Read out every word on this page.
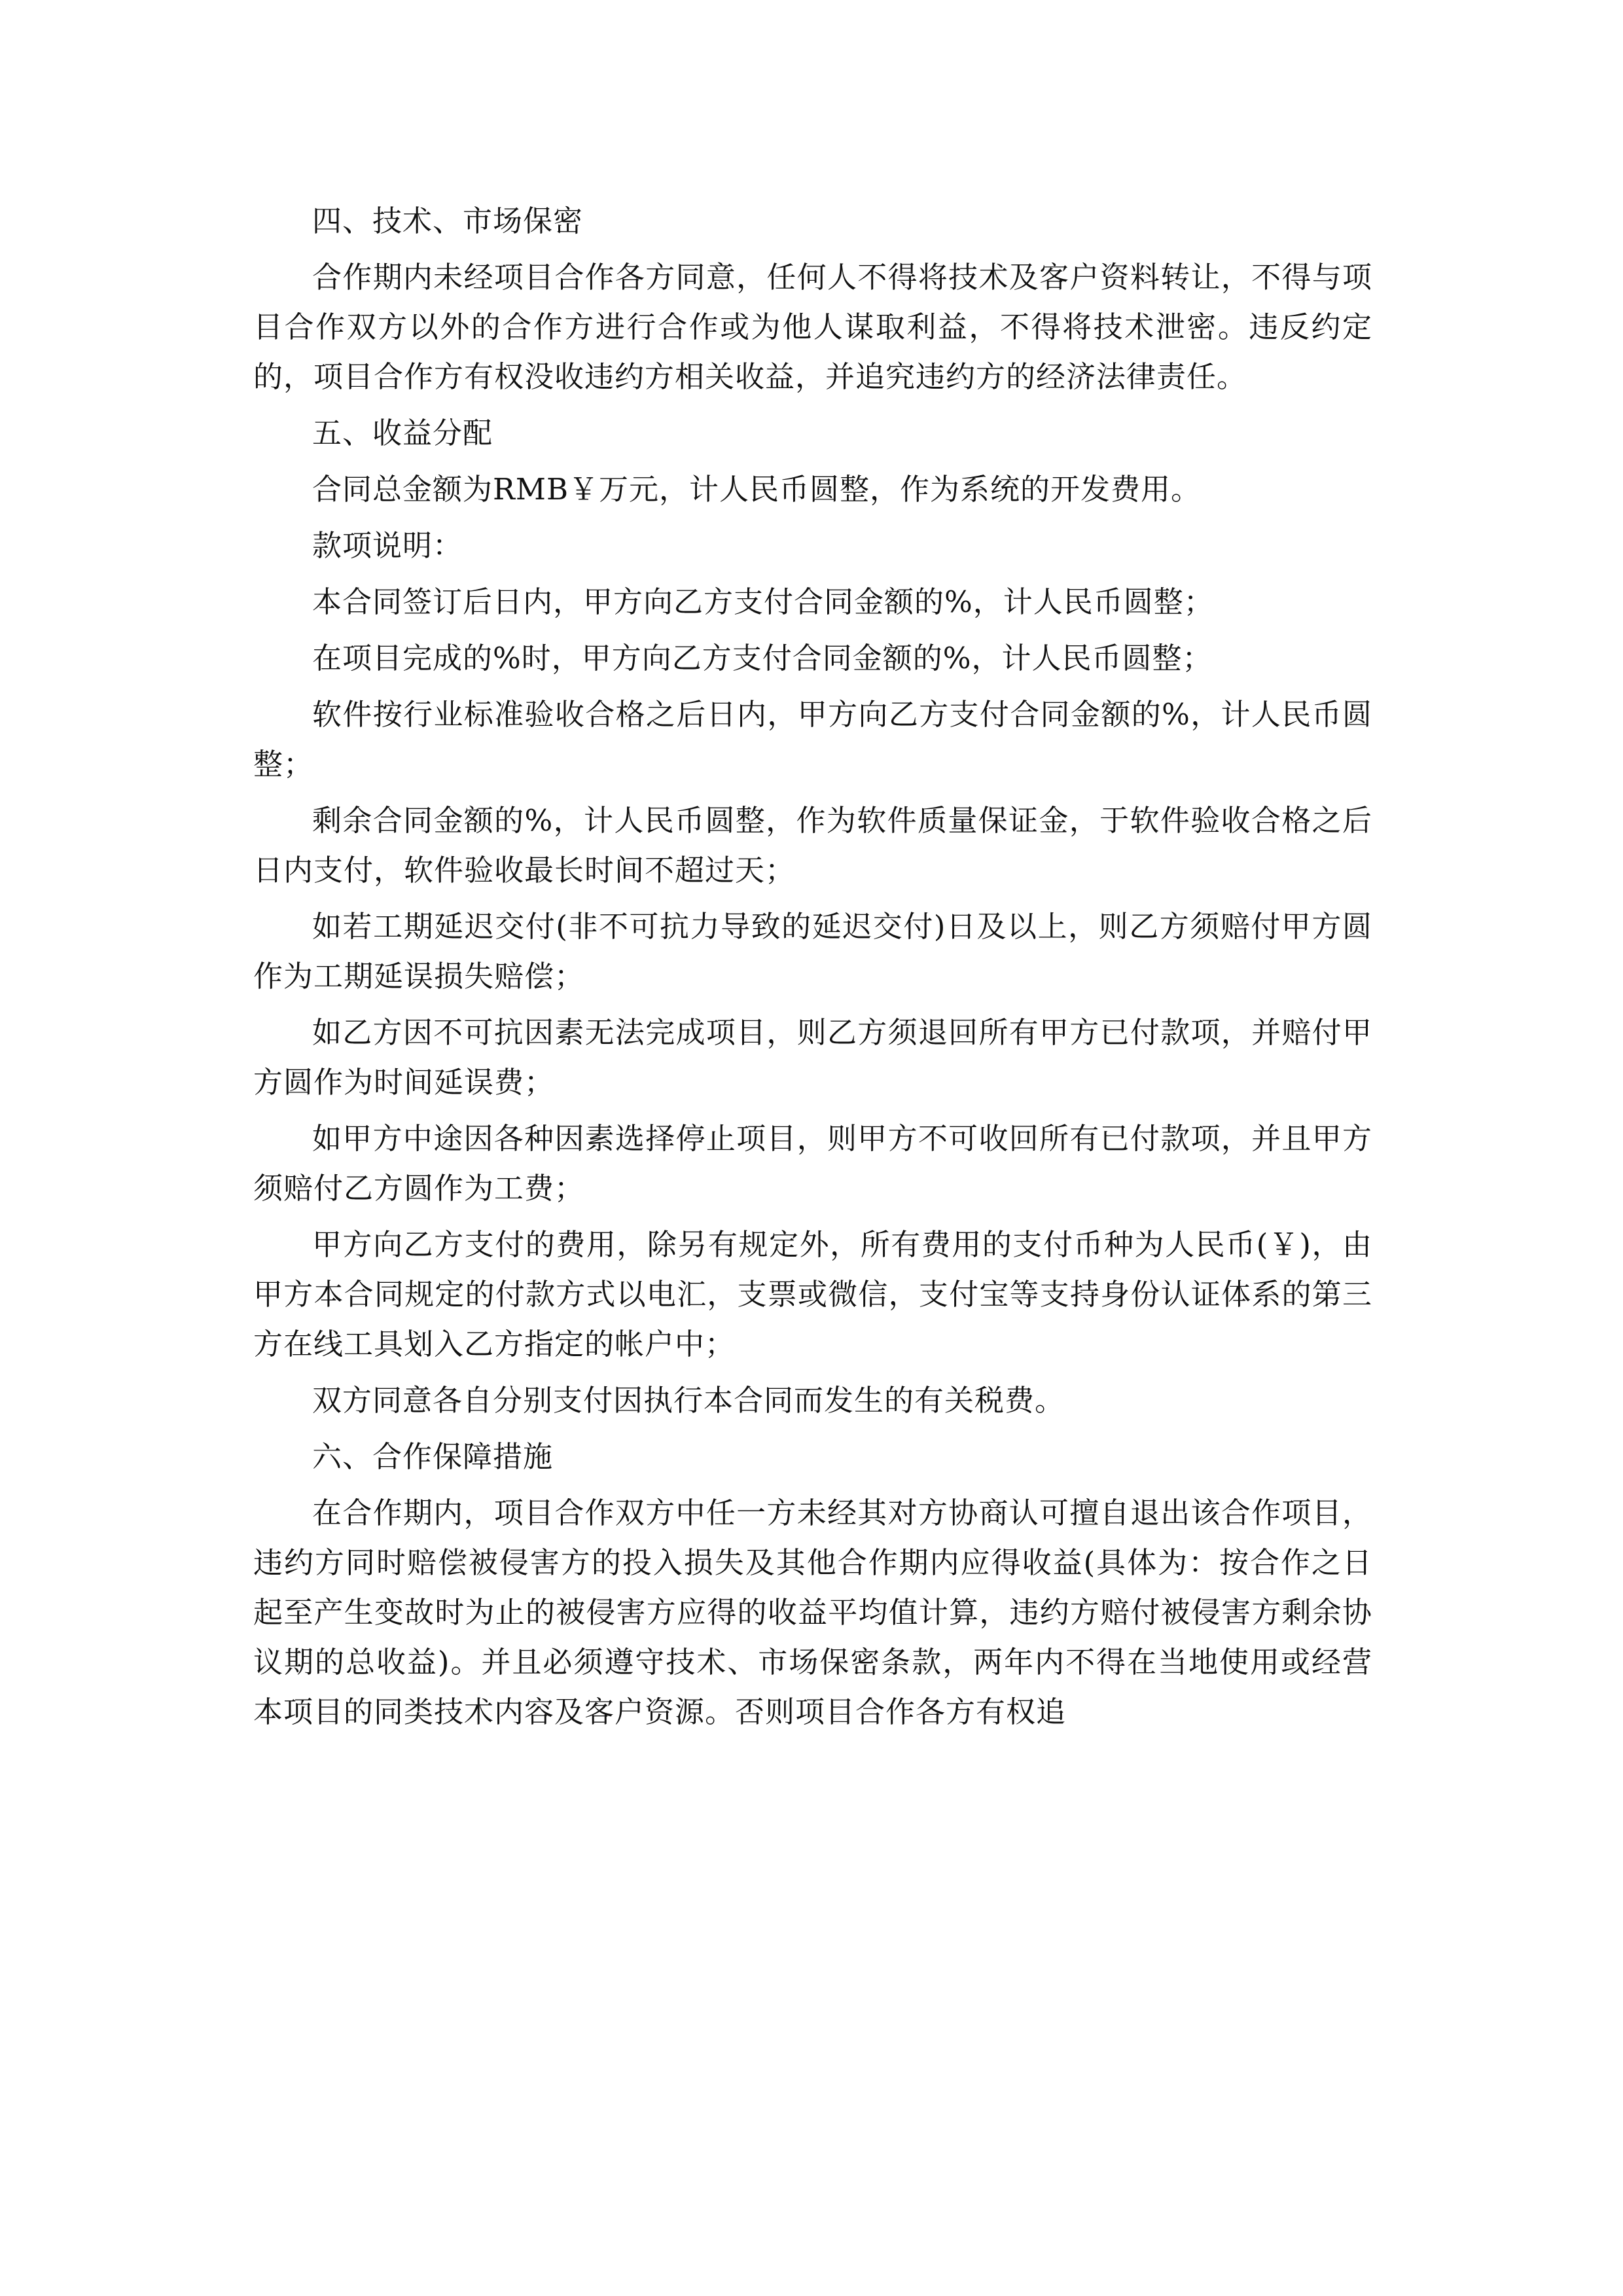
四、技术、市场保密

合作期内未经项目合作各方同意，任何人不得将技术及客户资料转让，不得与项目合作双方以外的合作方进行合作或为他人谋取利益，不得将技术泄密。违反约定的，项目合作方有权没收违约方相关收益，并追究违约方的经济法律责任。

五、收益分配

合同总金额为RMB￥万元，计人民币圆整，作为系统的开发费用。

款项说明：

本合同签订后日内，甲方向乙方支付合同金额的%，计人民币圆整；

在项目完成的%时，甲方向乙方支付合同金额的%，计人民币圆整；

软件按行业标准验收合格之后日内，甲方向乙方支付合同金额的%，计人民币圆整；

剩余合同金额的%，计人民币圆整，作为软件质量保证金，于软件验收合格之后日内支付，软件验收最长时间不超过天；

如若工期延迟交付(非不可抗力导致的延迟交付)日及以上，则乙方须赔付甲方圆作为工期延误损失赔偿；

如乙方因不可抗因素无法完成项目，则乙方须退回所有甲方已付款项，并赔付甲方圆作为时间延误费；

如甲方中途因各种因素选择停止项目，则甲方不可收回所有已付款项，并且甲方须赔付乙方圆作为工费；

甲方向乙方支付的费用，除另有规定外，所有费用的支付币种为人民币(￥)，由甲方本合同规定的付款方式以电汇，支票或微信，支付宝等支持身份认证体系的第三方在线工具划入乙方指定的帐户中；

双方同意各自分别支付因执行本合同而发生的有关税费。

六、合作保障措施

在合作期内，项目合作双方中任一方未经其对方协商认可擅自退出该合作项目，违约方同时赔偿被侵害方的投入损失及其他合作期内应得收益(具体为：按合作之日起至产生变故时为止的被侵害方应得的收益平均值计算，违约方赔付被侵害方剩余协议期的总收益)。并且必须遵守技术、市场保密条款，两年内不得在当地使用或经营本项目的同类技术内容及客户资源。否则项目合作各方有权追
